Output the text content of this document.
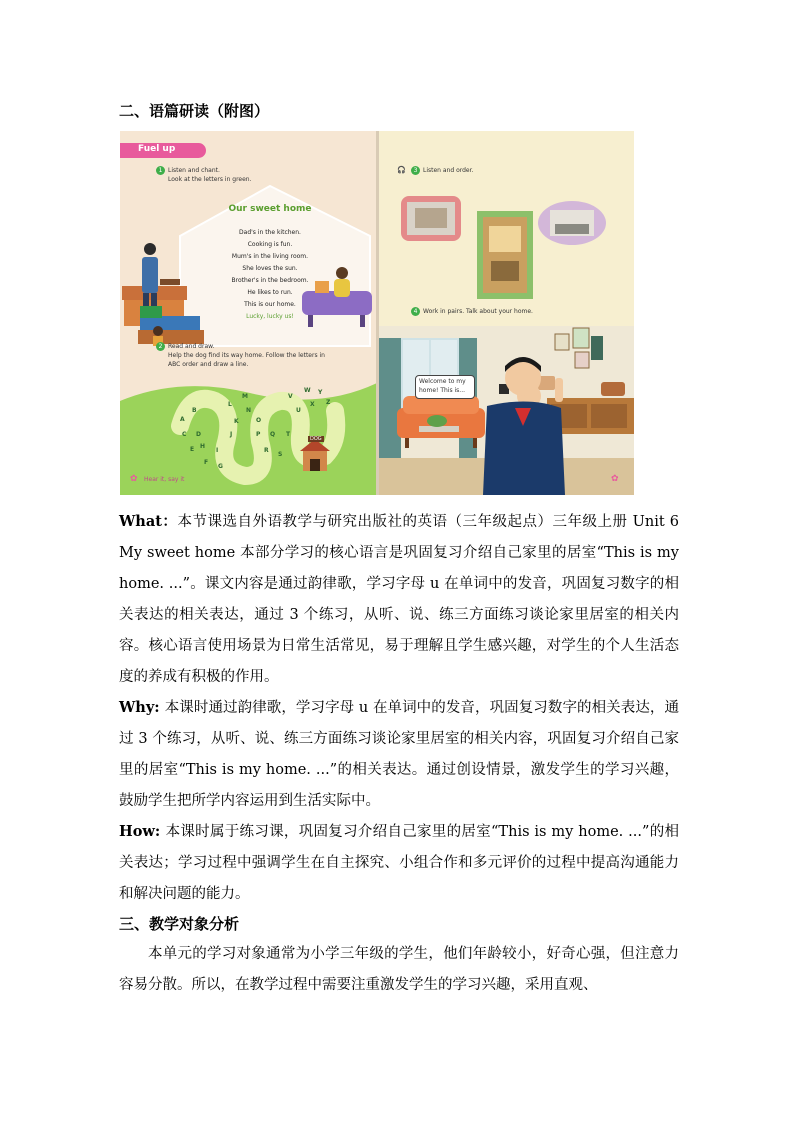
二、语篇研读（附图）
Fuel up
1 Listen and chant.
Look at the letters in green.
Our sweet home
Dad's in the kitchen.
Cooking is fun.
Mum's in the living room.
She loves the sun.
Brother's in the bedroom.
He likes to run.
This is our home.
Lucky, lucky us!
2 Read and draw.
Help the dog find its way home. Follow the letters in
ABC order and draw a line.
A
B
C D
E
F
G
H
I
J
K
L
M
N
O
P Q
R
S
T
U
V
W
X
Y
Z
DOG
✿ Hear it, say it
🎧	3 Listen and order.
4 Work in pairs. Talk about your home.
Welcome to my
home! This is...
✿
What：本节课选自外语教学与研究出版社的英语（三年级起点）三年级上册 Unit 6 My sweet home 本部分学习的核心语言是巩固复习介绍自己家里的居室“This is my home. ...”。课文内容是通过韵律歌，学习字母 u 在单词中的发音，巩固复习数字的相关表达的相关表达，通过 3 个练习，从听、说、练三方面练习谈论家里居室的相关内容。核心语言使用场景为日常生活常见，易于理解且学生感兴趣，对学生的个人生活态度的养成有积极的作用。
Why: 本课时通过韵律歌，学习字母 u 在单词中的发音，巩固复习数字的相关表达，通过 3 个练习，从听、说、练三方面练习谈论家里居室的相关内容，巩固复习介绍自己家里的居室“This is my home. ...”的相关表达。通过创设情景，激发学生的学习兴趣，鼓励学生把所学内容运用到生活实际中。
How: 本课时属于练习课，巩固复习介绍自己家里的居室“This is my home. ...”的相关表达；学习过程中强调学生在自主探究、小组合作和多元评价的过程中提高沟通能力和解决问题的能力。
三、教学对象分析
本单元的学习对象通常为小学三年级的学生，他们年龄较小，好奇心强，但注意力容易分散。所以，在教学过程中需要注重激发学生的学习兴趣，采用直观、
